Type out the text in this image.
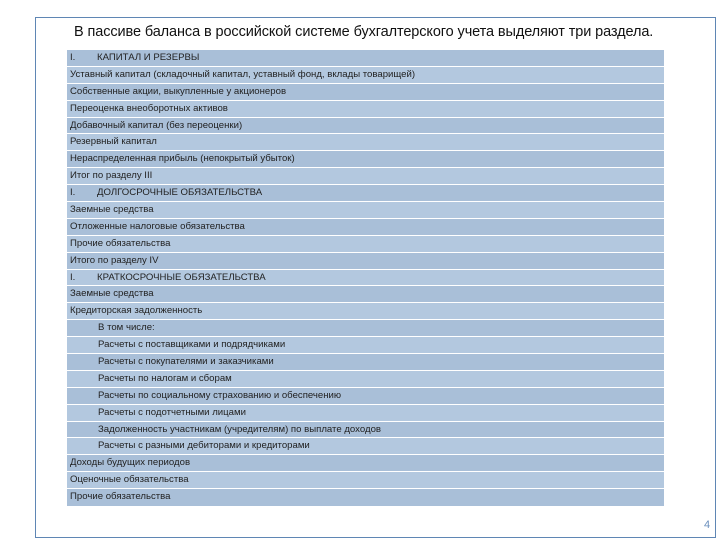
В пассиве баланса в российской системе бухгалтерского учета выделяют три раздела.
I. КАПИТАЛ И РЕЗЕРВЫ
Уставный капитал (складочный капитал, уставный фонд, вклады товарищей)
Собственные акции, выкупленные у акционеров
Переоценка внеоборотных активов
Добавочный капитал (без переоценки)
Резервный капитал
Нераспределенная прибыль (непокрытый убыток)
Итог по разделу III
I. ДОЛГОСРОЧНЫЕ ОБЯЗАТЕЛЬСТВА
Заемные средства
Отложенные налоговые обязательства
Прочие обязательства
Итого по разделу IV
I. КРАТКОСРОЧНЫЕ ОБЯЗАТЕЛЬСТВА
Заемные средства
Кредиторская задолженность
В том числе:
Расчеты с поставщиками и подрядчиками
Расчеты с покупателями и заказчиками
Расчеты по налогам и сборам
Расчеты по социальному страхованию и обеспечению
Расчеты с подотчетными лицами
Задолженность участникам (учредителям) по выплате доходов
Расчеты с разными дебиторами и кредиторами
Доходы будущих периодов
Оценочные обязательства
Прочие обязательства
4
